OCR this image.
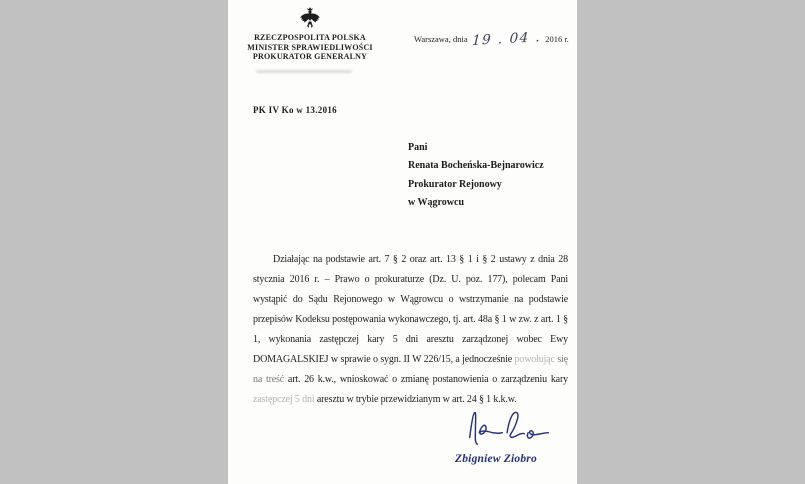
RZECZPOSPOLITA POLSKA
MINISTER SPRAWIEDLIWOŚCI
PROKURATOR GENERALNY
Warszawa, dnia 19 . 04 . 2016 r.
PK IV Ko w 13.2016
Pani
Renata Bocheńska-Bejnarowicz
Prokurator Rejonowy
w Wągrowcu

Działając na podstawie art. 7 § 2 oraz art. 13 § 1 i § 2 ustawy z dnia 28 stycznia 2016 r. – Prawo o prokuraturze (Dz. U. poz. 177), polecam Pani wystąpić do Sądu Rejonowego w Wągrowcu o wstrzymanie na podstawie przepisów Kodeksu postępowania wykonawczego, tj. art. 48a § 1 w zw. z art. 1 § 1, wykonania zastępczej kary 5 dni aresztu zarządzonej wobec Ewy DOMAGALSKIEJ w sprawie o sygn. II W 226/15, a jednocześnie powołując się na treść art. 26 k.w., wnioskować o zmianę postanowienia o zarządzeniu kary zastępczej 5 dni aresztu w trybie przewidzianym w art. 24 § 1 k.k.w.

Zbigniew Ziobro
